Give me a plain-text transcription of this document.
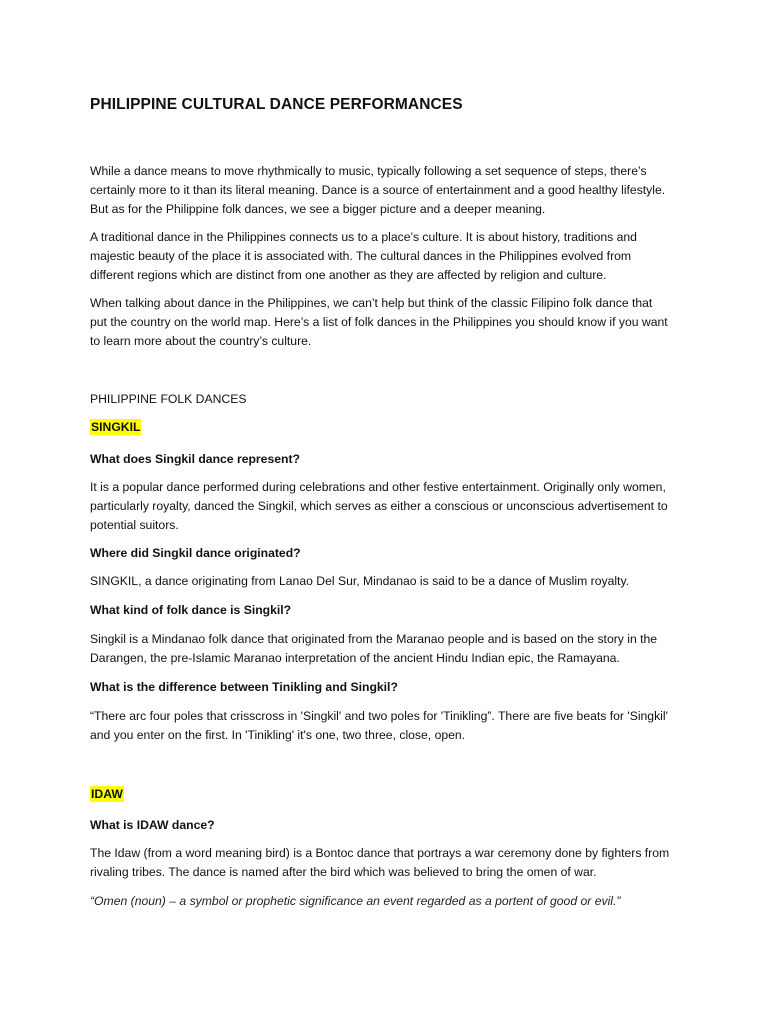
PHILIPPINE CULTURAL DANCE PERFORMANCES

While a dance means to move rhythmically to music, typically following a set sequence of steps, there’s certainly more to it than its literal meaning. Dance is a source of entertainment and a good healthy lifestyle. But as for the Philippine folk dances, we see a bigger picture and a deeper meaning.

A traditional dance in the Philippines connects us to a place’s culture. It is about history, traditions and majestic beauty of the place it is associated with. The cultural dances in the Philippines evolved from different regions which are distinct from one another as they are affected by religion and culture.

When talking about dance in the Philippines, we can’t help but think of the classic Filipino folk dance that put the country on the world map. Here’s a list of folk dances in the Philippines you should know if you want to learn more about the country’s culture.

PHILIPPINE FOLK DANCES

SINGKIL

What does Singkil dance represent?

It is a popular dance performed during celebrations and other festive entertainment. Originally only women, particularly royalty, danced the Singkil, which serves as either a conscious or unconscious advertisement to potential suitors.

Where did Singkil dance originated?

SINGKIL, a dance originating from Lanao Del Sur, Mindanao is said to be a dance of Muslim royalty.

What kind of folk dance is Singkil?

Singkil is a Mindanao folk dance that originated from the Maranao people and is based on the story in the Darangen, the pre-Islamic Maranao interpretation of the ancient Hindu Indian epic, the Ramayana.

What is the difference between Tinikling and Singkil?

“There arc four poles that crisscross in 'Singkil' and two poles for 'Tinikling”. There are five beats for 'Singkil' and you enter on the first. In 'Tinikling' it's one, two three, close, open.

IDAW

What is IDAW dance?

The Idaw (from a word meaning bird) is a Bontoc dance that portrays a war ceremony done by fighters from rivaling tribes. The dance is named after the bird which was believed to bring the omen of war.

“Omen (noun) – a symbol or prophetic significance an event regarded as a portent of good or evil.”
